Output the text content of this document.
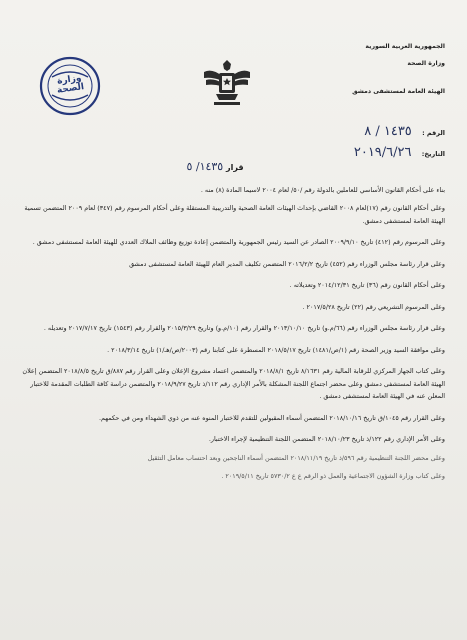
الجمهورية العربية السورية
وزارة الصحة
الهيئة العامة لمستشفى دمشق
وزارة الصحة
الرقم : ١٤٣٥ / ٨
التاريخ: ٢٠١٩/٦/٢٦
قرار ١٤٣٥/ ٥

بناء على أحكام القانون الأساسي للعاملين بالدولة رقم /٥٠/ لعام ٢٠٠٤ لاسيما المادة (٨) منه .

وعلى أحكام القانون رقم (١٧)لعام ٢٠٠٨ القاضي بإحداث الهيئات العامة الصحية والتدريبية المستقلة وعلى أحكام المرسوم رقم (٣٤٧) لعام ٢٠٠٩ المتضمن تسمية الهيئة العامة لمستشفى دمشق.

وعلى المرسوم رقم (٤١٢) تاريخ ٢٠٠٩/٩/١٠ الصادر عن السيد رئيس الجمهورية والمتضمن إعادة توزيع وظائف الملاك العددي للهيئة العامة لمستشفى دمشق .

وعلى قرار رئاسة مجلس الوزراء رقم (٤٥٢) تاريخ ٢٠١٦/٢/٢ المتضمن تكليف المدير العام للهيئة العامة لمستشفى دمشق

وعلى أحكام القانون رقم (٣٦) تاريخ ٢٠١٤/١٢/٣١ وتعديلاته .

وعلى المرسوم التشريعي رقم (٢٢) تاريخ ٢٠١٧/٥/٢٨ .

وعلى قرار رئاسة مجلس الوزراء رقم (٦٦/م.و) تاريخ ٢٠١٣/١٠/١٠ والقرار رقم (١٠/م.و) وتاريخ ٢٠١٥/٣/٢٩ والقرار رقم (١٥٤٣) تاريخ ٢٠١٧/٧/١٧ وتعديله .

وعلى موافقة السيد وزير الصحة رقم (١/ص/١٤٨١) تاريخ ٢٠١٨/٥/١٧ المسطرة على كتابنا رقم (٢٠٠٣/ص/هـ/١) تاريخ ٢٠١٨/٣/١٤ .

وعلى كتاب الجهاز المركزي للرقابة المالية رقم ٨/١٦٣١ تاريخ ٢٠١٨/٨/١ والمتضمن اعتماد مشروع الإعلان وعلى القرار رقم ٨٨٧/ق تاريخ ٢٠١٨/٨/٥ المتضمن إعلان الهيئة العامة لمستشفى دمشق وعلى محضر اجتماع اللجنة المشكلة بالأمر الإداري رقم ١١٢/ذ تاريخ ٢٠١٨/٩/٢٧ والمتضمن دراسة كافة الطلبات المقدمة للاختبار المعلن عنه في الهيئة العامة لمستشفى دمشق .

وعلى القرار رقم ١٠٤٥/ق تاريخ ٢٠١٨/١٠/١٦ المتضمن أسماء المقبولين للتقدم للاختبار المنوه عنه من ذوي الشهداء ومن في حكمهم.

وعلى الأمر الإداري رقم ١٢٢/ذ تاريخ ٢٠١٨/١٠/٢٣ المتضمن اللجنة التنظيمية لإجراء الاختبار.

وعلى محضر اللجنة التنظيمية رقم ٥٩٦/ذ تاريخ ٢٠١٨/١١/١٩ المتضمن أسماء الناجحين وبعد احتساب معامل التثقيل

وعلى كتاب وزارة الشؤون الاجتماعية والعمل ذو الرقم ع ع ٥٧٣٠/٢ تاريخ ٢٠١٩/٥/١١ .
